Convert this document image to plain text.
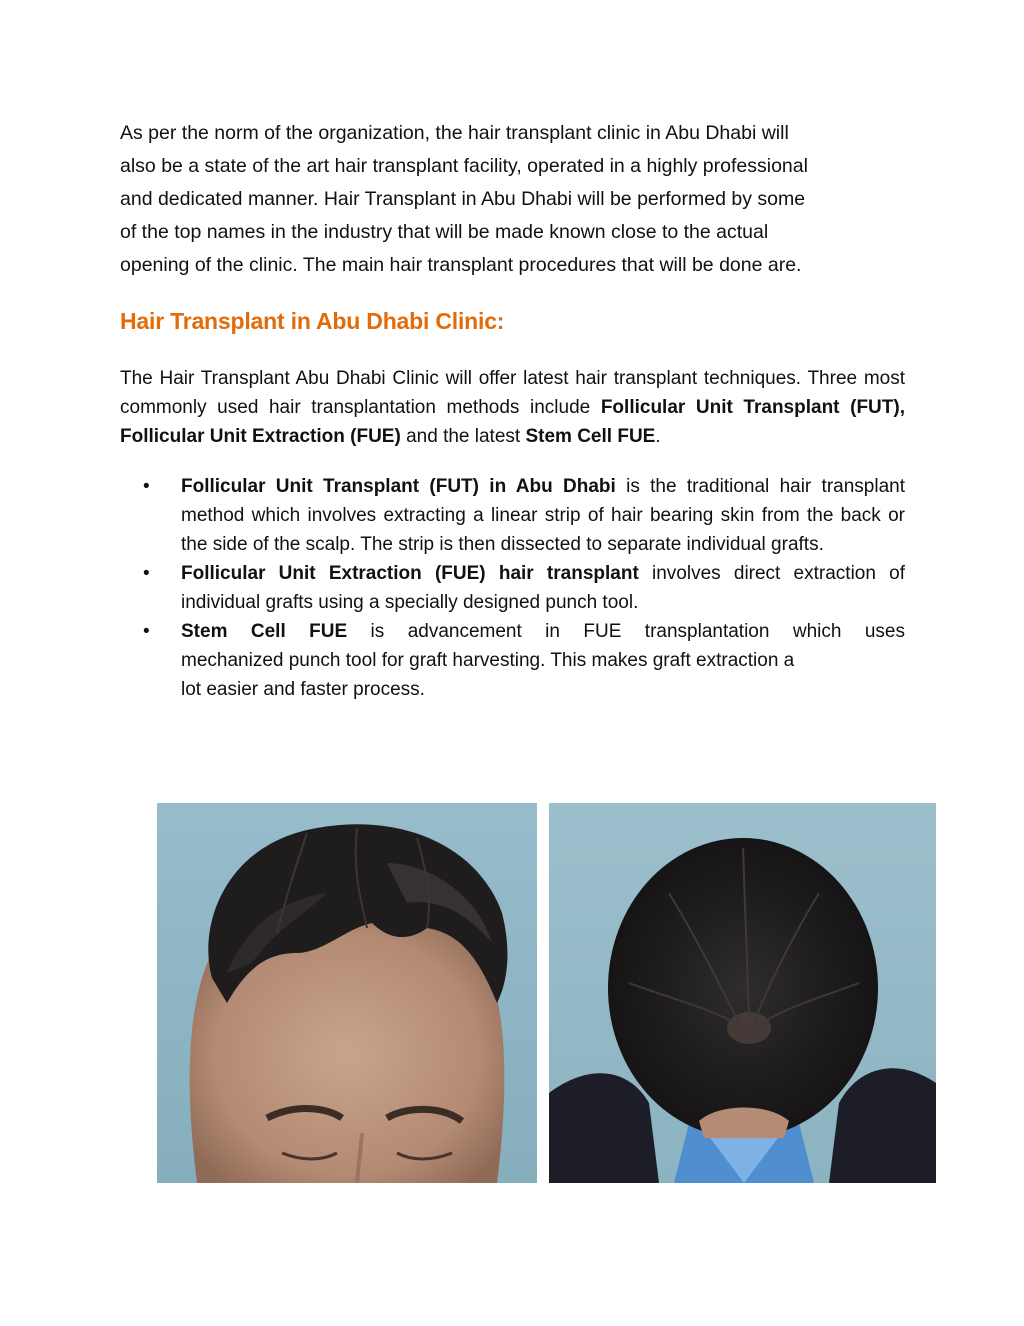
As per the norm of the organization, the hair transplant clinic in Abu Dhabi will
also be a state of the art hair transplant facility, operated in a highly professional
and dedicated manner. Hair Transplant in Abu Dhabi will be performed by some
of the top names in the industry that will be made known close to the actual
opening of the clinic. The main hair transplant procedures that will be done are.

Hair Transplant in Abu Dhabi Clinic:

The Hair Transplant Abu Dhabi Clinic will offer latest hair transplant techniques. Three most commonly used hair transplantation methods include Follicular Unit Transplant (FUT), Follicular Unit Extraction (FUE) and the latest Stem Cell FUE.

• Follicular Unit Transplant (FUT) in Abu Dhabi is the traditional hair transplant method which involves extracting a linear strip of hair bearing skin from the back or the side of the scalp. The strip is then dissected to separate individual grafts.
• Follicular Unit Extraction (FUE) hair transplant involves direct extraction of individual grafts using a specially designed punch tool.
• Stem Cell FUE is advancement in FUE transplantation which uses
mechanized punch tool for graft harvesting. This makes graft extraction a
lot easier and faster process.
